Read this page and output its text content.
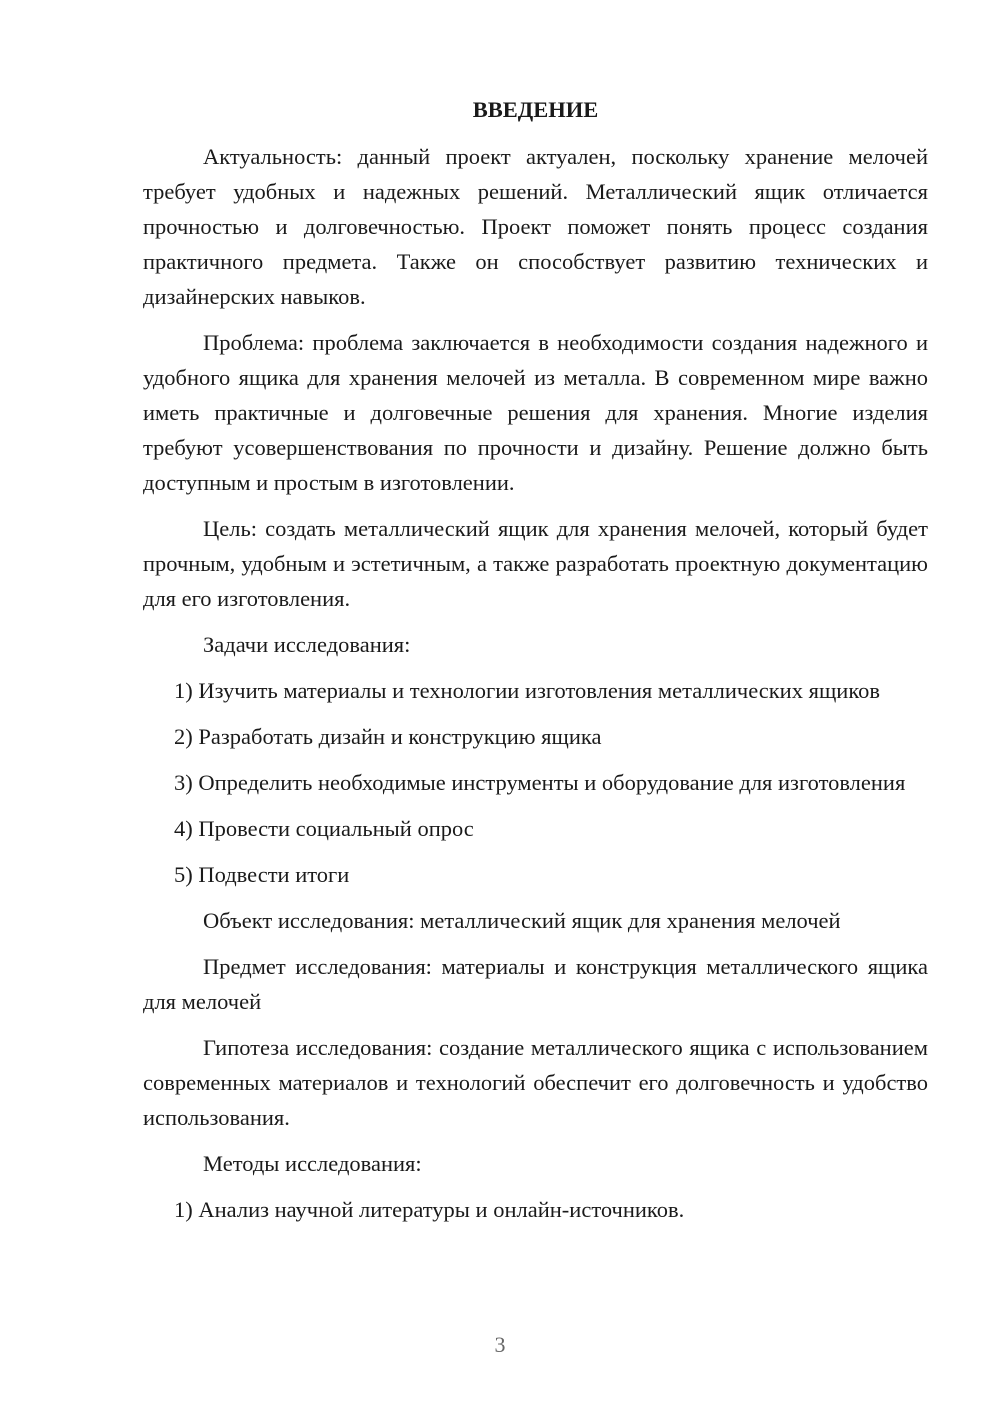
ВВЕДЕНИЕ

Актуальность: данный проект актуален, поскольку хранение мелочей требует удобных и надежных решений. Металлический ящик отличается прочностью и долговечностью. Проект поможет понять процесс создания практичного предмета. Также он способствует развитию технических и дизайнерских навыков.

Проблема: проблема заключается в необходимости создания надежного и удобного ящика для хранения мелочей из металла. В современном мире важно иметь практичные и долговечные решения для хранения. Многие изделия требуют усовершенствования по прочности и дизайну. Решение должно быть доступным и простым в изготовлении.

Цель: создать металлический ящик для хранения мелочей, который будет прочным, удобным и эстетичным, а также разработать проектную документацию для его изготовления.

Задачи исследования:

1) Изучить материалы и технологии изготовления металлических ящиков

2) Разработать дизайн и конструкцию ящика

3) Определить необходимые инструменты и оборудование для изготовления

4) Провести социальный опрос

5) Подвести итоги

Объект исследования: металлический ящик для хранения мелочей

Предмет исследования: материалы и конструкция металлического ящика для мелочей

Гипотеза исследования: создание металлического ящика с использованием современных материалов и технологий обеспечит его долговечность и удобство использования.

Методы исследования:

1) Анализ научной литературы и онлайн-источников.

3
